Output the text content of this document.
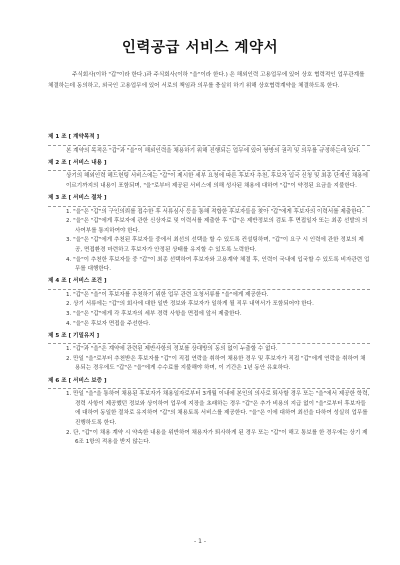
인력공급 서비스 계약서
주식회사(이하 "갑"이라 한다.)과 주식회사(이하 "을"이라 한다.) 은 해외인력 고용업무에 있어 상호 협력적인 업무관계를 체결하는데 동의하고, 외국인 고용업무에 있어 서로의 책임과 의무를 충실히 하기 위해 상호협력계약을 체결하도록 한다.
제 1 조 [ 계약목적 ]
본 계약의 목적은 "갑"과 "을"이 해외인력을 채용하기 위해 진행되는 업무에 있어 쌍방의 권리 및 의무를 규정하는데 있다.
제 2 조 [ 서비스 내용 ]
상기의 해외인력 헤드헌팅 서비스에는 "갑"이 제시한 세부 요청에 따른 후보자 추천, 후보자 입국 신청 및 최종 단계인 채용에 이르기까지의 내용이 포함되며, "을"로부터 제공된 서비스에 의해 성사된 채용에 대하여 "갑"이 약정된 요금을 지불한다.
제 3 조 [ 서비스 절차 ]
1. "을"은 "갑"의 구인의뢰를 접수한 후 서류심사 등을 통해 적합한 후보자들을 찾아 "갑"에게 후보자의 이력서를 제출한다.
2. "을"은 "갑"에게 후보자에 관한 신상자료 및 이력서를 제출한 후 "갑"은 제반정보의 검토 후 면접일자 또는 최종 선발의 의사여부를 통지하여야 한다.
3. "을"은 "갑"에게 추천된 후보자들 중에서 최선의 선택을 할 수 있도록 컨설팅하며, "갑"이 요구 시 인력에 관한 정보의 제공, 면접환경 마련하고 후보자가 안정된 상태를 유지할 수 있도록 노력한다.
4. "을"이 추천한 후보자들 중 "갑"이 최종 선택하여 후보자와 고용계약 체결 후, 인력이 국내에 입국할 수 있도록 비자관련 업무를 대행한다.
제 4 조 [ 서비스 조건 ]
1. "갑"은 "을"이 후보자를 추천하기 위한 업무 관련 요청서류를 "을"에게 제공한다.
2. 상기 서류에는 "갑"의 회사에 대한 일반 정보와 후보자가 일하게 될 직무 내역서가 포함되어야 한다.
3. "을"은 "갑"에게 각 후보자의 세부 경력 사항을 면접에 앞서 제출한다.
4. "을"은 후보자 면접을 주선한다.
제 5 조 [ 기밀유지 ]
1. "갑"과 "을"은 계약에 관련된 제반사항의 정보를 상대방의 동의 없이 누출할 수 없다.
2. 만일 "을"로부터 추천받은 후보자를 "갑"이 직접 연락을 취하여 채용한 경우 및 후보자가 직접 "갑"에게 연락을 취하여 채용되는 경우에도 "갑"은 "을"에게 수수료를 지불해야 하며, 이 기간은 1년 동안 유효하다.
제 6 조 [ 서비스 보증 ]
1. 만일 "을"을 통하여 채용된 후보자가 채용일자로부터 3개월 이내에 본인의 의사로 퇴사할 경우 또는 "을"에서 제공한 학력, 경력 사항이 제공했던 정보와 상이하여 업무에 지장을 초래하는 경우 "갑"은 추가 비용의 지급 없이 "을"로부터 후보자들에 대하여 동일한 절차로 유지하여 "갑"의 채용토록 서비스를 제공한다. "을"은 이에 대하여 최선을 다하여 성실히 업무를 진행하도록 한다.
2. 단, "갑"이 채용 계약 시 약속한 내용을 위반하여 채용자가 퇴사하게 된 경우 또는 "갑"이 해고 통보를 한 경우에는 상기 제6조 1항의 적용을 받지 않는다.
- 1 -
